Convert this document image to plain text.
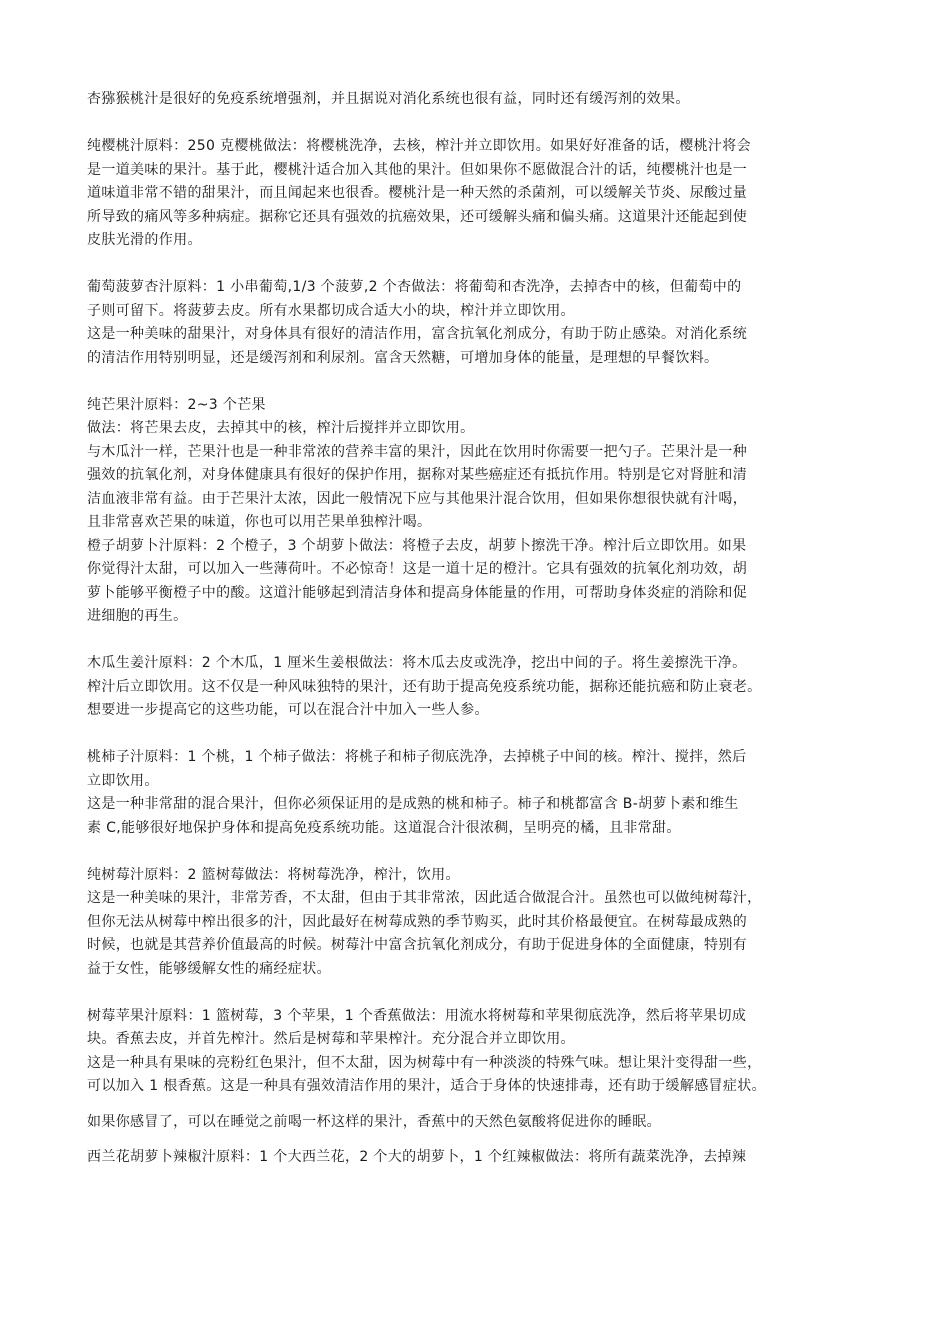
杏猕猴桃汁是很好的免疫系统增强剂，并且据说对消化系统也很有益，同时还有缓泻剂的效果。
纯樱桃汁原料：250 克樱桃做法：将樱桃洗净，去核，榨汁并立即饮用。如果好好准备的话，樱桃汁将会
是一道美味的果汁。基于此，樱桃汁适合加入其他的果汁。但如果你不愿做混合汁的话，纯樱桃汁也是一
道味道非常不错的甜果汁，而且闻起来也很香。樱桃汁是一种天然的杀菌剂，可以缓解关节炎、尿酸过量
所导致的痛风等多种病症。据称它还具有强效的抗癌效果，还可缓解头痛和偏头痛。这道果汁还能起到使
皮肤光滑的作用。
葡萄菠萝杏汁原料：1 小串葡萄,1/3 个菠萝,2 个杏做法：将葡萄和杏洗净，去掉杏中的核，但葡萄中的
子则可留下。将菠萝去皮。所有水果都切成合适大小的块，榨汁并立即饮用。
这是一种美味的甜果汁，对身体具有很好的清洁作用，富含抗氧化剂成分，有助于防止感染。对消化系统
的清洁作用特别明显，还是缓泻剂和利尿剂。富含天然糖，可增加身体的能量，是理想的早餐饮料。
纯芒果汁原料：2~3 个芒果
做法：将芒果去皮，去掉其中的核，榨汁后搅拌并立即饮用。
与木瓜汁一样，芒果汁也是一种非常浓的营养丰富的果汁，因此在饮用时你需要一把勺子。芒果汁是一种
强效的抗氧化剂，对身体健康具有很好的保护作用，据称对某些癌症还有抵抗作用。特别是它对肾脏和清
洁血液非常有益。由于芒果汁太浓，因此一般情况下应与其他果汁混合饮用，但如果你想很快就有汁喝，
且非常喜欢芒果的味道，你也可以用芒果单独榨汁喝。
橙子胡萝卜汁原料：2 个橙子，3 个胡萝卜做法：将橙子去皮，胡萝卜擦洗干净。榨汁后立即饮用。如果
你觉得汁太甜，可以加入一些薄荷叶。不必惊奇！这是一道十足的橙汁。它具有强效的抗氧化剂功效，胡
萝卜能够平衡橙子中的酸。这道汁能够起到清洁身体和提高身体能量的作用，可帮助身体炎症的消除和促
进细胞的再生。
木瓜生姜汁原料：2 个木瓜，1 厘米生姜根做法：将木瓜去皮或洗净，挖出中间的子。将生姜擦洗干净。
榨汁后立即饮用。这不仅是一种风味独特的果汁，还有助于提高免疫系统功能，据称还能抗癌和防止衰老。
想要进一步提高它的这些功能，可以在混合汁中加入一些人参。
桃柿子汁原料：1 个桃，1 个柿子做法：将桃子和柿子彻底洗净，去掉桃子中间的核。榨汁、搅拌，然后
立即饮用。
这是一种非常甜的混合果汁，但你必须保证用的是成熟的桃和柿子。柿子和桃都富含 B-胡萝卜素和维生
素 C,能够很好地保护身体和提高免疫系统功能。这道混合汁很浓稠，呈明亮的橘，且非常甜。
纯树莓汁原料：2 篮树莓做法：将树莓洗净，榨汁，饮用。
这是一种美味的果汁，非常芳香，不太甜，但由于其非常浓，因此适合做混合汁。虽然也可以做纯树莓汁，
但你无法从树莓中榨出很多的汁，因此最好在树莓成熟的季节购买，此时其价格最便宜。在树莓最成熟的
时候，也就是其营养价值最高的时候。树莓汁中富含抗氧化剂成分，有助于促进身体的全面健康，特别有
益于女性，能够缓解女性的痛经症状。
树莓苹果汁原料：1 篮树莓，3 个苹果，1 个香蕉做法：用流水将树莓和苹果彻底洗净，然后将苹果切成
块。香蕉去皮，并首先榨汁。然后是树莓和苹果榨汁。充分混合并立即饮用。
这是一种具有果味的亮粉红色果汁，但不太甜，因为树莓中有一种淡淡的特殊气味。想让果汁变得甜一些，
可以加入 1 根香蕉。这是一种具有强效清洁作用的果汁，适合于身体的快速排毒，还有助于缓解感冒症状。
如果你感冒了，可以在睡觉之前喝一杯这样的果汁，香蕉中的天然色氨酸将促进你的睡眠。
西兰花胡萝卜辣椒汁原料：1 个大西兰花，2 个大的胡萝卜，1 个红辣椒做法：将所有蔬菜洗净，去掉辣
